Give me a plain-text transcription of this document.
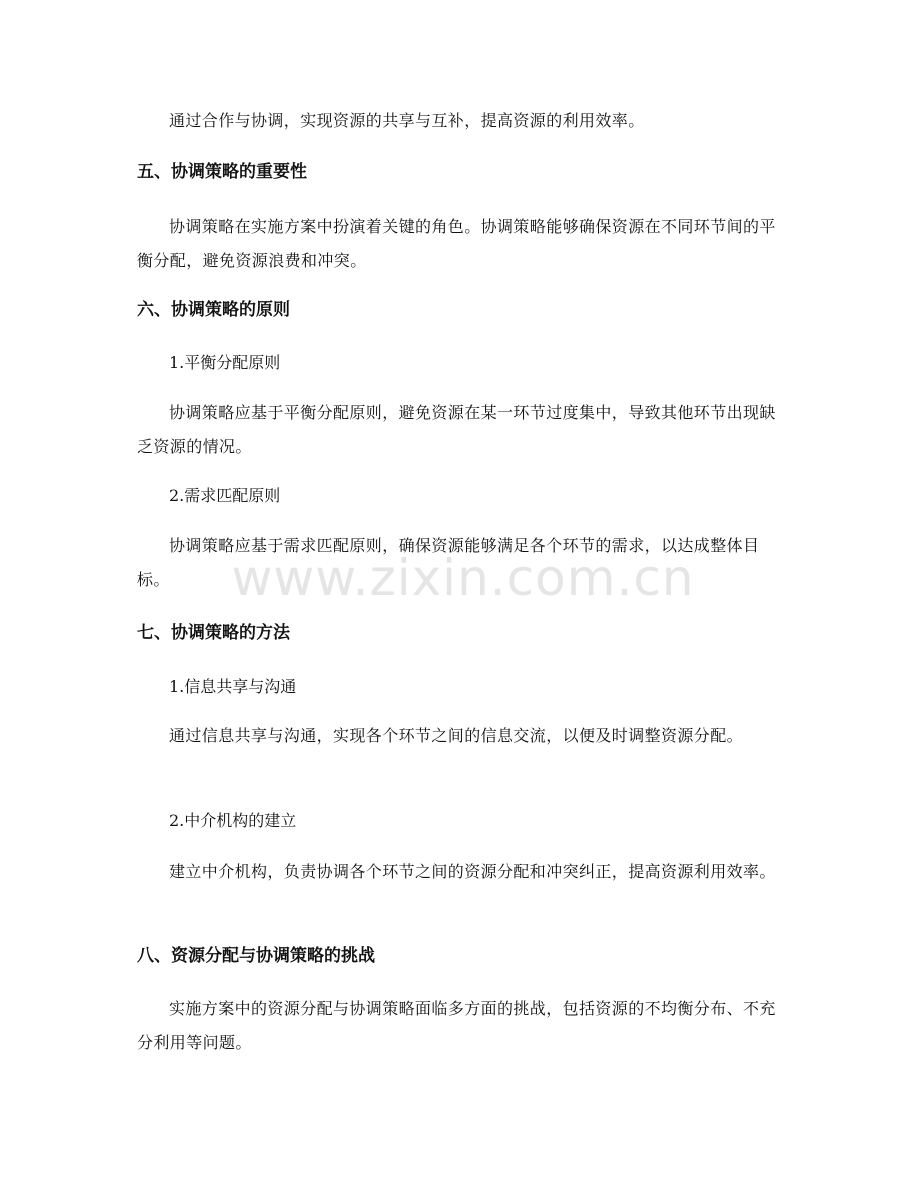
通过合作与协调，实现资源的共享与互补，提高资源的利用效率。

五、协调策略的重要性

协调策略在实施方案中扮演着关键的角色。协调策略能够确保资源在不同环节间的平衡分配，避免资源浪费和冲突。

六、协调策略的原则

1.平衡分配原则

协调策略应基于平衡分配原则，避免资源在某一环节过度集中，导致其他环节出现缺乏资源的情况。

2.需求匹配原则

协调策略应基于需求匹配原则，确保资源能够满足各个环节的需求，以达成整体目标。

七、协调策略的方法

1.信息共享与沟通

通过信息共享与沟通，实现各个环节之间的信息交流，以便及时调整资源分配。

2.中介机构的建立

建立中介机构，负责协调各个环节之间的资源分配和冲突纠正，提高资源利用效率。

八、资源分配与协调策略的挑战

实施方案中的资源分配与协调策略面临多方面的挑战，包括资源的不均衡分布、不充分利用等问题。

www.zixin.com.cn
